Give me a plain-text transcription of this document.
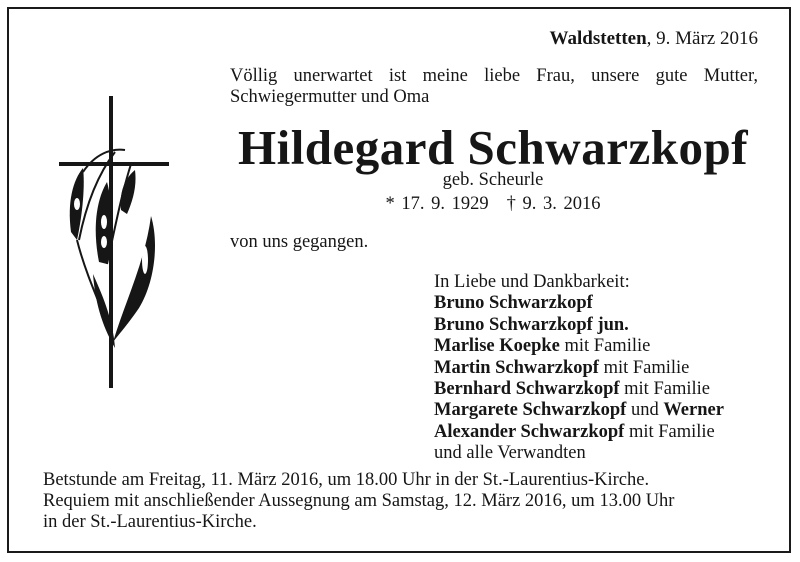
Waldstetten, 9. März 2016
Völlig unerwartet ist meine liebe Frau, unsere gute Mutter,
Schwiegermutter und Oma
Hildegard Schwarzkopf
geb. Scheurle
* 17. 9. 1929 † 9. 3. 2016
von uns gegangen.
In Liebe und Dankbarkeit:
Bruno Schwarzkopf
Bruno Schwarzkopf jun.
Marlise Koepke mit Familie
Martin Schwarzkopf mit Familie
Bernhard Schwarzkopf mit Familie
Margarete Schwarzkopf und Werner
Alexander Schwarzkopf mit Familie
und alle Verwandten
Betstunde am Freitag, 11. März 2016, um 18.00 Uhr in der St.-Laurentius-Kirche.
Requiem mit anschließender Aussegnung am Samstag, 12. März 2016, um 13.00 Uhr
in der St.-Laurentius-Kirche.
